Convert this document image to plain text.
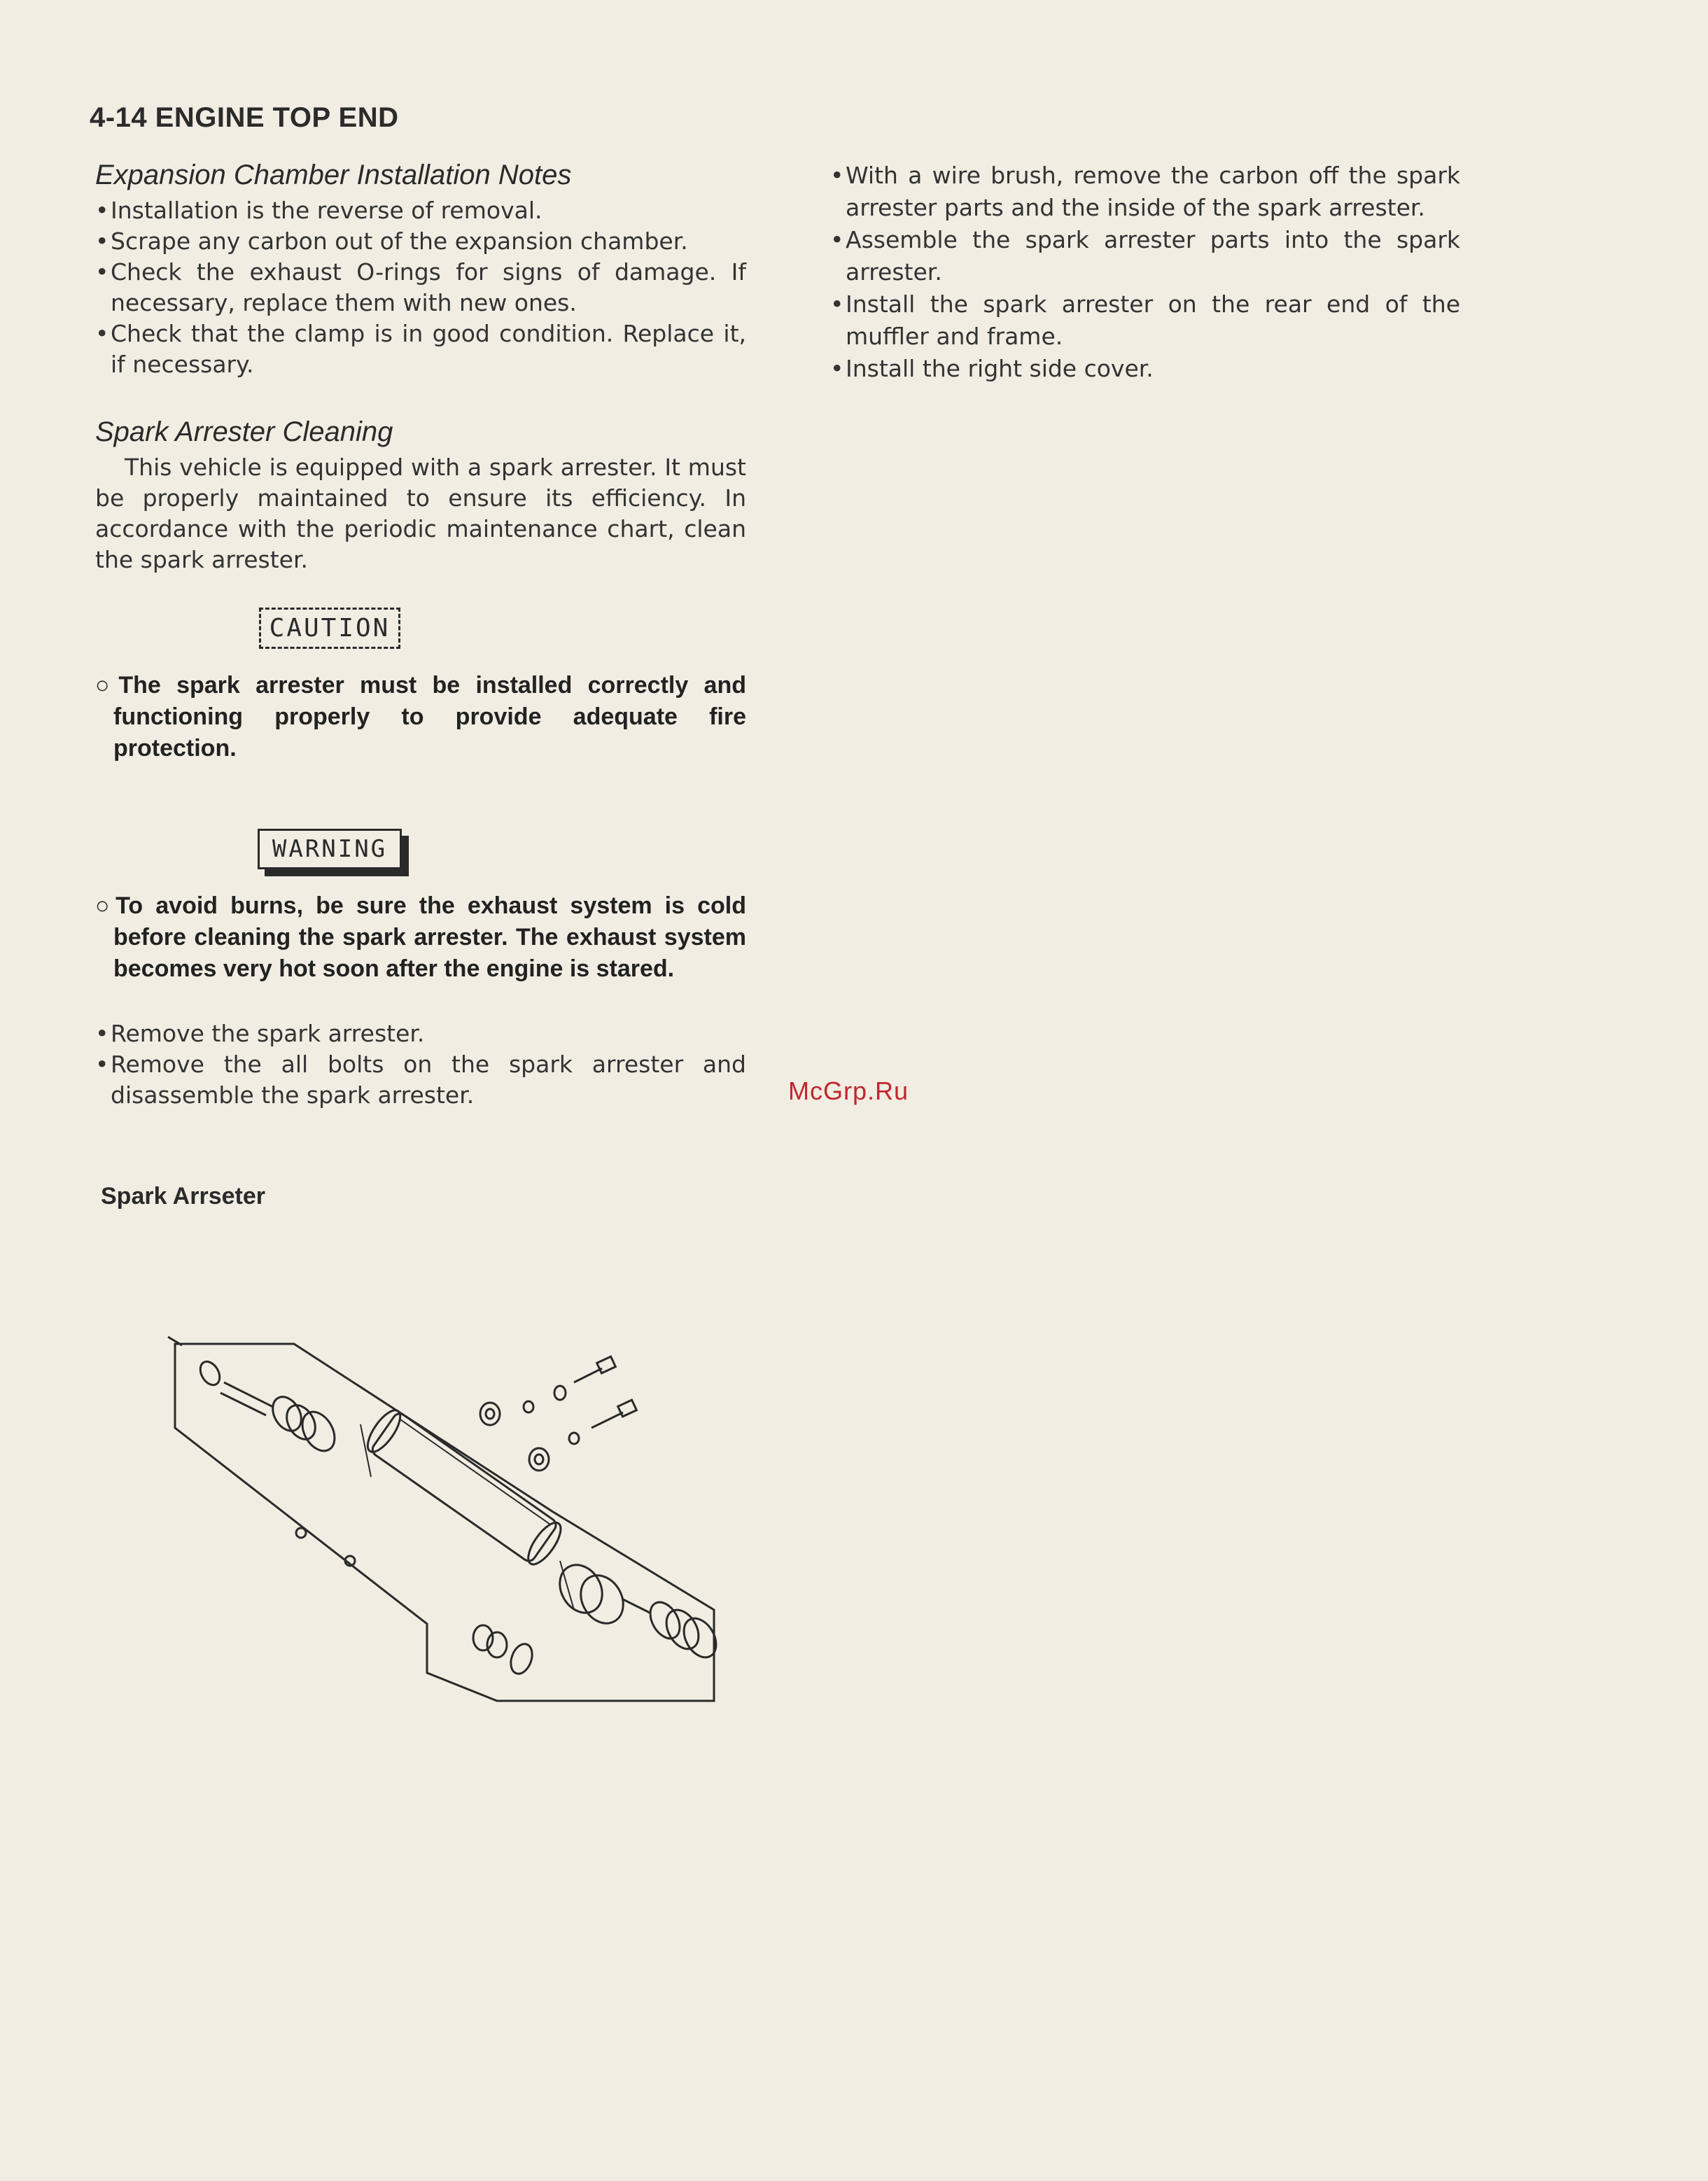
4-14 ENGINE TOP END
Expansion Chamber Installation Notes
• Installation is the reverse of removal.
• Scrape any carbon out of the expansion chamber.
• Check the exhaust O-rings for signs of damage. If necessary, replace them with new ones.
• Check that the clamp is in good condition. Replace it, if necessary.
Spark Arrester Cleaning

This vehicle is equipped with a spark arrester. It must be properly maintained to ensure its efficiency. In accordance with the periodic maintenance chart, clean the spark arrester.

CAUTION

○The spark arrester must be installed correctly and functioning properly to provide adequate fire protection.

WARNING

○To avoid burns, be sure the exhaust system is cold before cleaning the spark arrester. The exhaust system becomes very hot soon after the engine is stared.

• Remove the spark arrester.
• Remove the all bolts on the spark arrester and disassemble the spark arrester.
• With a wire brush, remove the carbon off the spark arrester parts and the inside of the spark arrester.
• Assemble the spark arrester parts into the spark arrester.
• Install the spark arrester on the rear end of the muffler and frame.
• Install the right side cover.
McGrp.Ru

Spark Arrseter
